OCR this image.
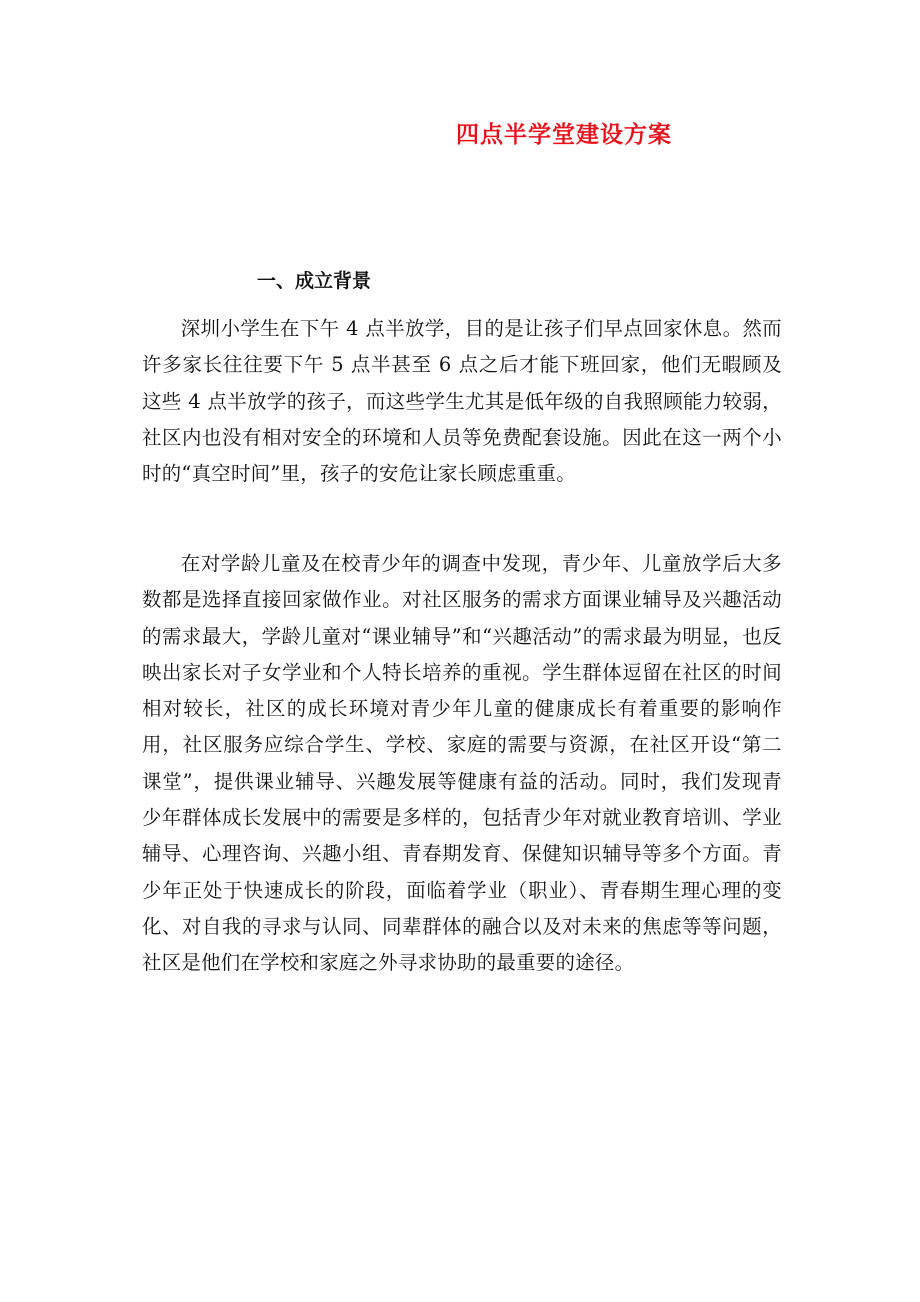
四点半学堂建设方案
一、成立背景

深圳小学生在下午 4 点半放学，目的是让孩子们早点回家休息。然而许多家长往往要下午 5 点半甚至 6 点之后才能下班回家，他们无暇顾及这些 4 点半放学的孩子，而这些学生尤其是低年级的自我照顾能力较弱，社区内也没有相对安全的环境和人员等免费配套设施。因此在这一两个小时的“真空时间”里，孩子的安危让家长顾虑重重。

在对学龄儿童及在校青少年的调查中发现，青少年、儿童放学后大多数都是选择直接回家做作业。对社区服务的需求方面课业辅导及兴趣活动的需求最大，学龄儿童对“课业辅导”和“兴趣活动”的需求最为明显，也反映出家长对子女学业和个人特长培养的重视。学生群体逗留在社区的时间相对较长，社区的成长环境对青少年儿童的健康成长有着重要的影响作用，社区服务应综合学生、学校、家庭的需要与资源，在社区开设“第二课堂”，提供课业辅导、兴趣发展等健康有益的活动。同时，我们发现青少年群体成长发展中的需要是多样的，包括青少年对就业教育培训、学业辅导、心理咨询、兴趣小组、青春期发育、保健知识辅导等多个方面。青少年正处于快速成长的阶段，面临着学业（职业）、青春期生理心理的变化、对自我的寻求与认同、同辈群体的融合以及对未来的焦虑等等问题，社区是他们在学校和家庭之外寻求协助的最重要的途径。
